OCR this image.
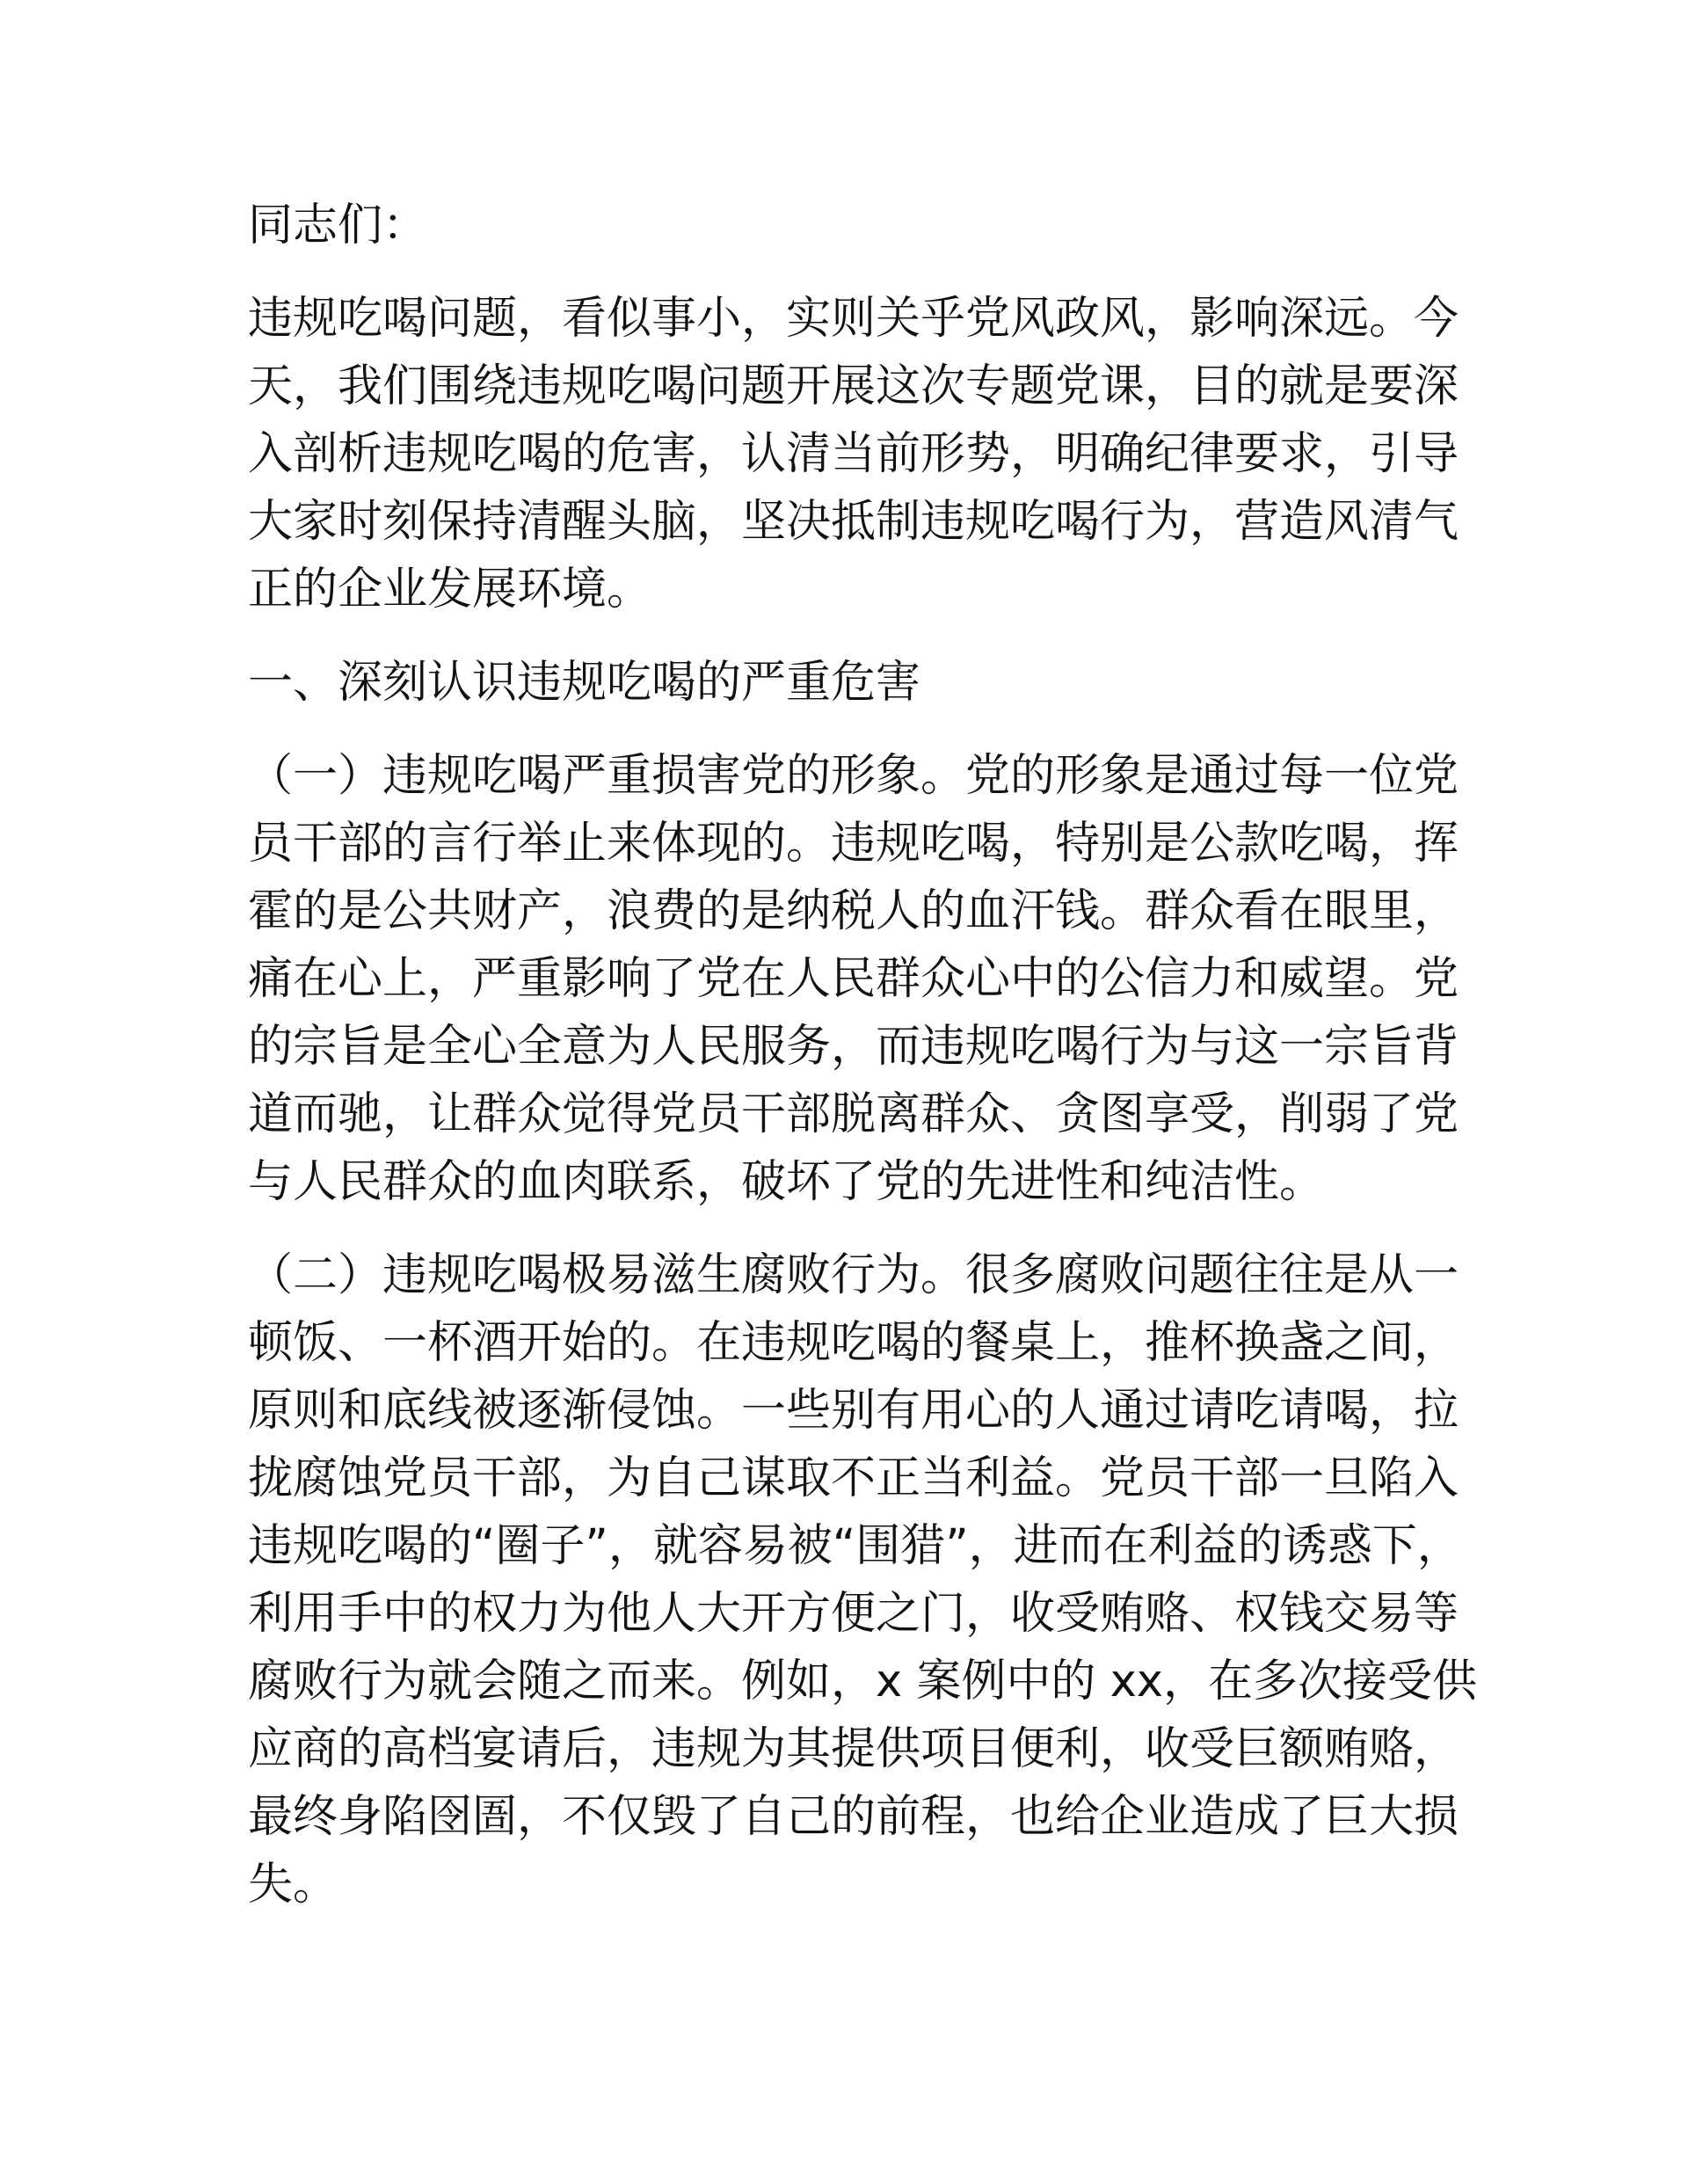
同志们：
违规吃喝问题，看似事小，实则关乎党风政风，影响深远。今
天，我们围绕违规吃喝问题开展这次专题党课，目的就是要深
入剖析违规吃喝的危害，认清当前形势，明确纪律要求，引导
大家时刻保持清醒头脑，坚决抵制违规吃喝行为，营造风清气
正的企业发展环境。
一、深刻认识违规吃喝的严重危害
（一）违规吃喝严重损害党的形象。党的形象是通过每一位党
员干部的言行举止来体现的。违规吃喝，特别是公款吃喝，挥
霍的是公共财产，浪费的是纳税人的血汗钱。群众看在眼里，
痛在心上，严重影响了党在人民群众心中的公信力和威望。党
的宗旨是全心全意为人民服务，而违规吃喝行为与这一宗旨背
道而驰，让群众觉得党员干部脱离群众、贪图享受，削弱了党
与人民群众的血肉联系，破坏了党的先进性和纯洁性。
（二）违规吃喝极易滋生腐败行为。很多腐败问题往往是从一
顿饭、一杯酒开始的。在违规吃喝的餐桌上，推杯换盏之间，
原则和底线被逐渐侵蚀。一些别有用心的人通过请吃请喝，拉
拢腐蚀党员干部，为自己谋取不正当利益。党员干部一旦陷入
违规吃喝的“圈子”，就容易被“围猎”，进而在利益的诱惑下，
利用手中的权力为他人大开方便之门，收受贿赂、权钱交易等
腐败行为就会随之而来。例如，x 案例中的 xx，在多次接受供
应商的高档宴请后，违规为其提供项目便利，收受巨额贿赂，
最终身陷囹圄，不仅毁了自己的前程，也给企业造成了巨大损
失。
